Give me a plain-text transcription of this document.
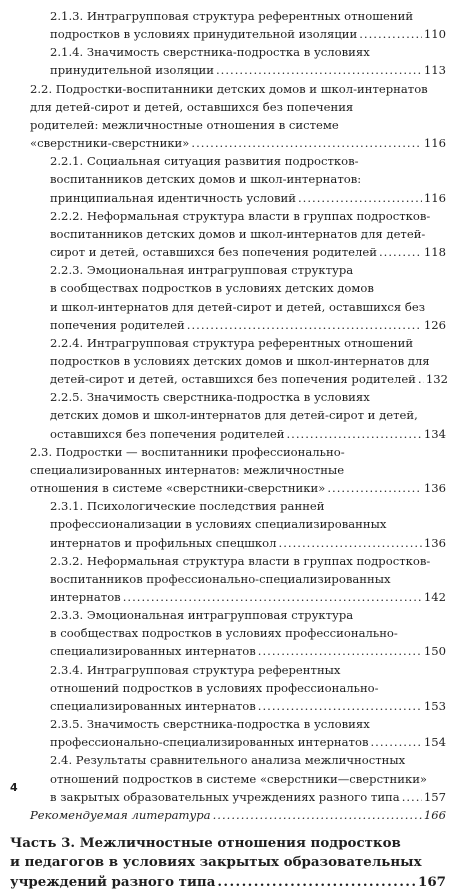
2.1.3. Интрагрупповая структура референтных отношений
подростков в условиях принудительной изоляции .....	110
2.1.4. Значимость сверстника-подростка в условиях
принудительной изоляции .....	113
2.2. Подростки-воспитанники детских домов и школ-интернатов
для детей-сирот и детей, оставшихся без попечения
родителей: межличностные отношения в системе
«сверстники-сверстники» .....	116
2.2.1. Социальная ситуация развития подростков-
воспитанников детских домов и школ-интернатов:
принципиальная идентичность условий .....	116
2.2.2. Неформальная структура власти в группах подростков-
воспитанников детских домов и школ-интернатов для детей-
сирот и детей, оставшихся без попечения родителей .....	118
2.2.3. Эмоциональная интрагрупповая структура
в сообществах подростков в условиях детских домов
и школ-интернатов для детей-сирот и детей, оставшихся без
попечения родителей .....	126
2.2.4. Интрагрупповая структура референтных отношений
подростков в условиях детских домов и школ-интернатов для
детей-сирот и детей, оставшихся без попечения родителей ..... 132
2.2.5. Значимость сверстника-подростка в условиях
детских домов и школ-интернатов для детей-сирот и детей,
оставшихся без попечения родителей .....	134
2.3. Подростки — воспитанники профессионально-
специализированных интернатов: межличностные
отношения в системе «сверстники-сверстники» .....	136
2.3.1. Психологические последствия ранней
профессионализации в условиях специализированных
интернатов и профильных спецшкол .....	136
2.3.2. Неформальная структура власти в группах подростков-
воспитанников профессионально-специализированных
интернатов .....	142
2.3.3. Эмоциональная интрагрупповая структура
в сообществах подростков в условиях профессионально-
специализированных интернатов .....	150
2.3.4. Интрагрупповая структура референтных
отношений подростков в условиях профессионально-
специализированных интернатов .....	153
2.3.5. Значимость сверстника-подростка в условиях
профессионально-специализированных интернатов .....	154
2.4. Результаты сравнительного анализа межличностных
отношений подростков в системе «сверстники—сверстники»
в закрытых образовательных учреждениях разного типа ..... 157
Рекомендуемая литература .....	166
Часть 3. Межличностные отношения подростков
и педагогов в условиях закрытых образовательных
учреждений разного типа .....	167
4
